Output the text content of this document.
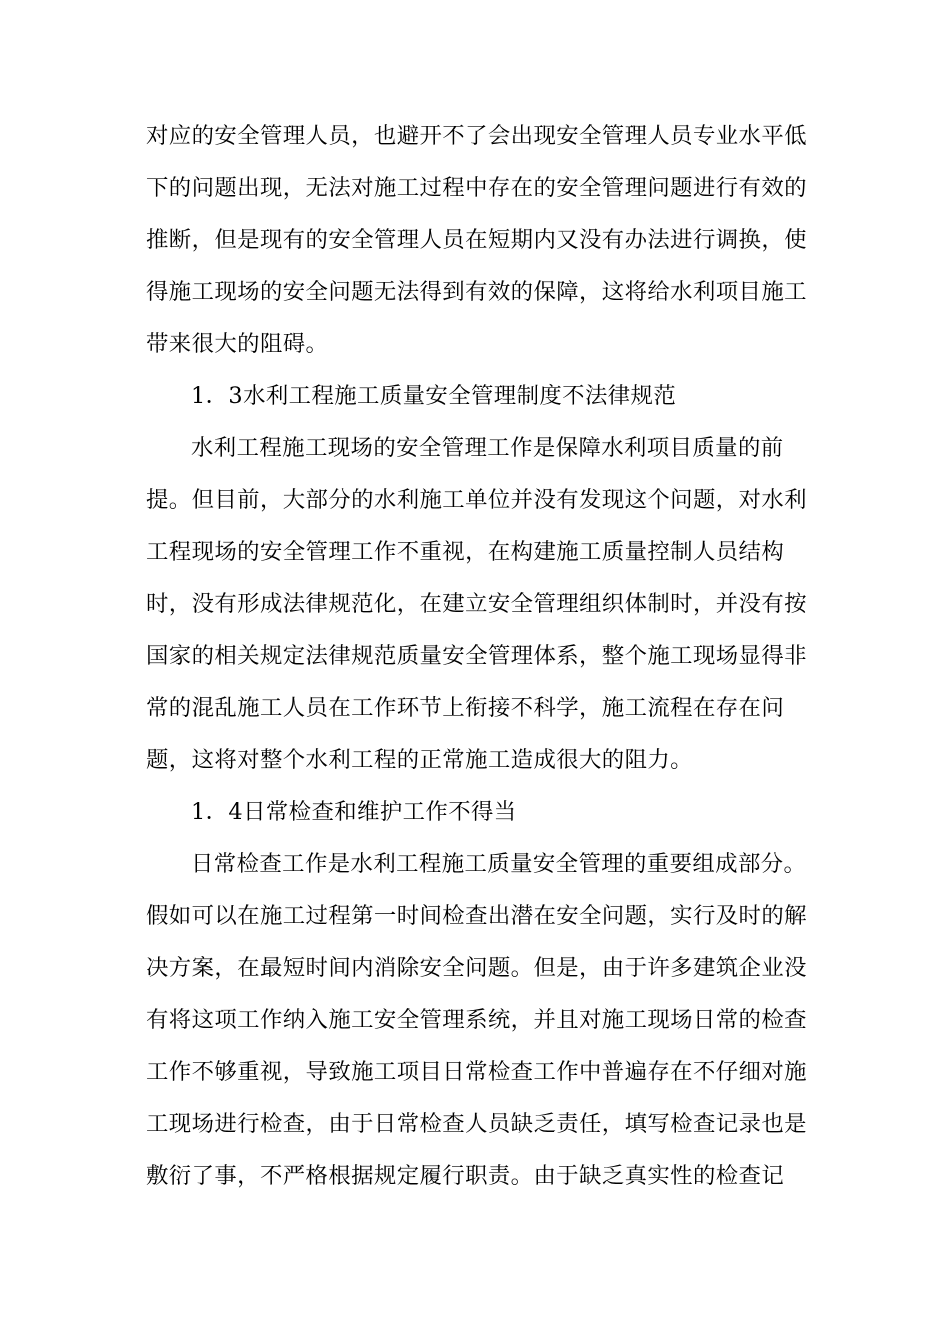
对应的安全管理人员，也避开不了会出现安全管理人员专业水平低
下的问题出现，无法对施工过程中存在的安全管理问题进行有效的
推断，但是现有的安全管理人员在短期内又没有办法进行调换，使
得施工现场的安全问题无法得到有效的保障，这将给水利项目施工
带来很大的阻碍。
1．3水利工程施工质量安全管理制度不法律规范
水利工程施工现场的安全管理工作是保障水利项目质量的前
提。但目前，大部分的水利施工单位并没有发现这个问题，对水利
工程现场的安全管理工作不重视，在构建施工质量控制人员结构
时，没有形成法律规范化，在建立安全管理组织体制时，并没有按
国家的相关规定法律规范质量安全管理体系，整个施工现场显得非
常的混乱施工人员在工作环节上衔接不科学，施工流程在存在问
题，这将对整个水利工程的正常施工造成很大的阻力。
1．4日常检查和维护工作不得当
日常检查工作是水利工程施工质量安全管理的重要组成部分。
假如可以在施工过程第一时间检查出潜在安全问题，实行及时的解
决方案，在最短时间内消除安全问题。但是，由于许多建筑企业没
有将这项工作纳入施工安全管理系统，并且对施工现场日常的检查
工作不够重视，导致施工项目日常检查工作中普遍存在不仔细对施
工现场进行检查，由于日常检查人员缺乏责任，填写检查记录也是
敷衍了事，不严格根据规定履行职责。由于缺乏真实性的检查记
